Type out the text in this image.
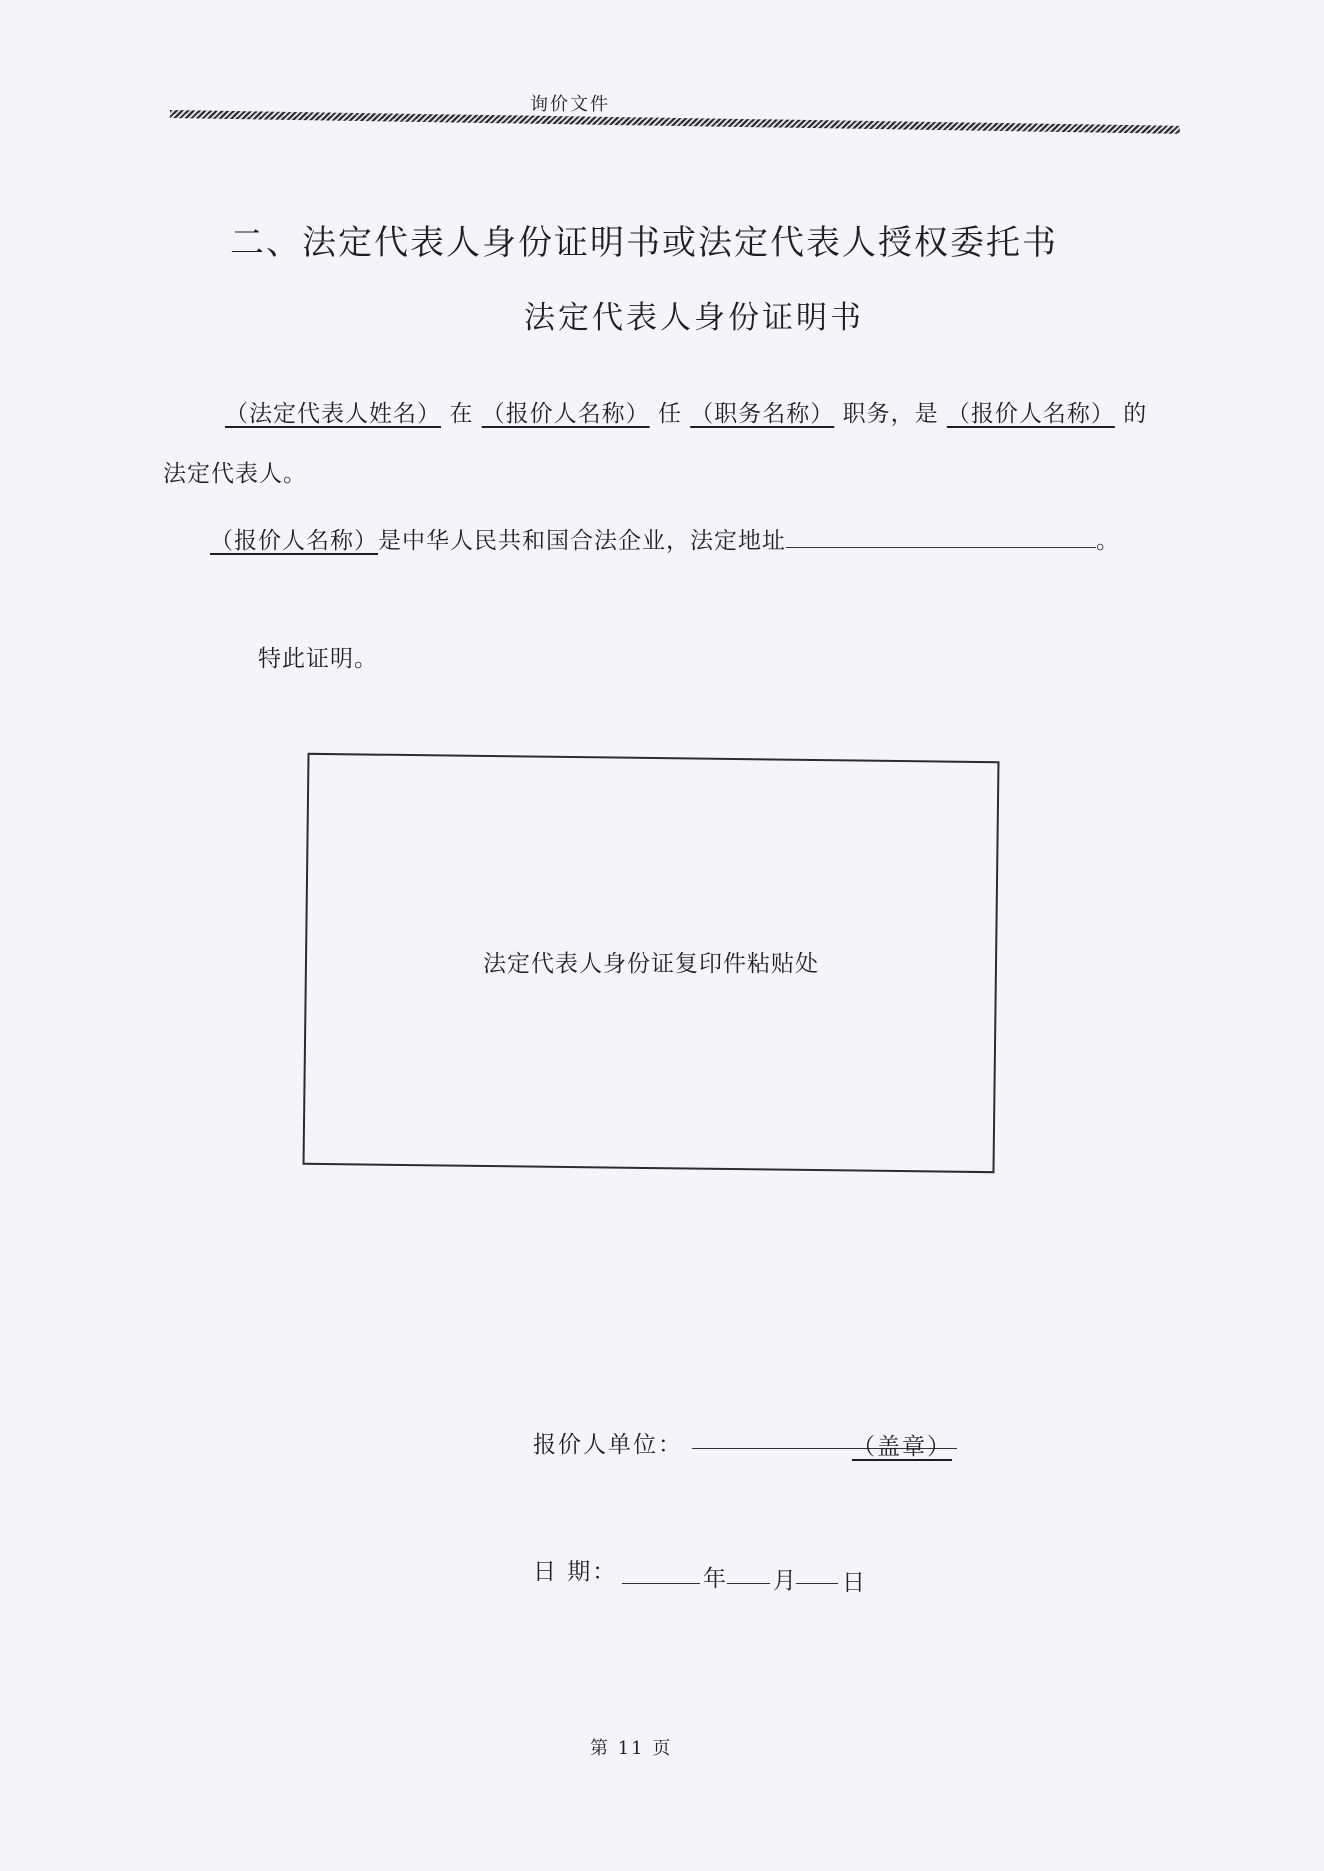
询价文件
二、法定代表人身份证明书或法定代表人授权委托书
法定代表人身份证明书
（法定代表人姓名） 在 （报价人名称） 任 （职务名称） 职务，是 （报价人名称） 的
法定代表人。
（报价人名称）是中华人民共和国合法企业，法定地址	。
特此证明。
法定代表人身份证复印件粘贴处
报价人单位：	（盖章）
日 期：	年 月 日
第 11 页
